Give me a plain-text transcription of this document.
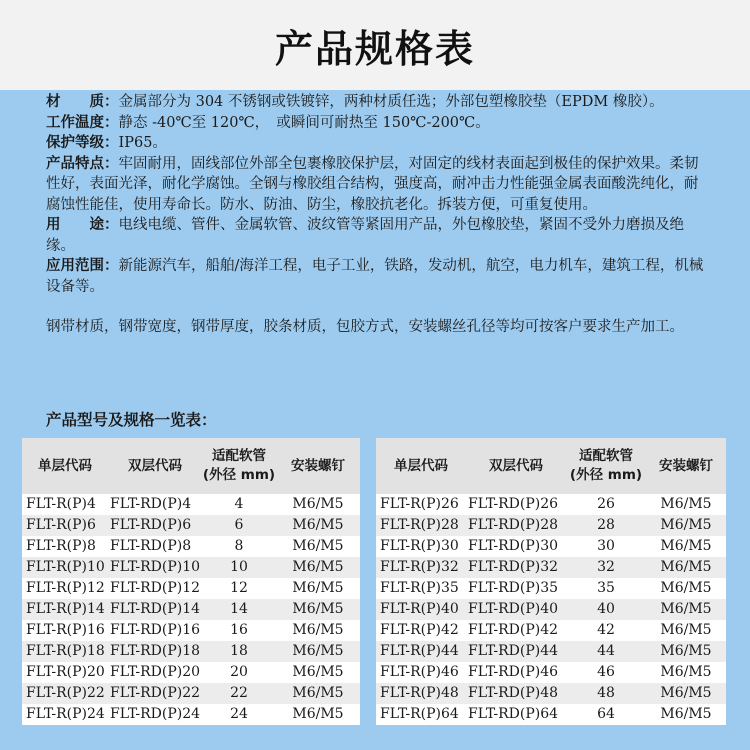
产品规格表

材　　质：金属部分为 304 不锈钢或铁镀锌，两种材质任选；外部包塑橡胶垫（EPDM 橡胶）。

工作温度：静态 -40℃至 120℃，　或瞬间可耐热至 150℃-200℃。

保护等级：IP65。

产品特点：牢固耐用，固线部位外部全包裹橡胶保护层，对固定的线材表面起到极佳的保护效果。柔韧性好，表面光泽，耐化学腐蚀。全钢与橡胶组合结构，强度高，耐冲击力性能强金属表面酸洗纯化，耐腐蚀性能佳，使用寿命长。防水、防油、防尘，橡胶抗老化。拆装方便，可重复使用。

用　　途：电线电缆、管件、金属软管、波纹管等紧固用产品，外包橡胶垫，紧固不受外力磨损及绝缘。

应用范围：新能源汽车，船舶/海洋工程，电子工业，铁路，发动机，航空，电力机车，建筑工程，机械设备等。

钢带材质，钢带宽度，钢带厚度，胶条材质，包胶方式，安装螺丝孔径等均可按客户要求生产加工。

产品型号及规格一览表：
单层代码	双层代码	适配软管
(外径 mm)	安装螺钉
FLT-R(P)4	FLT-RD(P)4	4	M6/M5
FLT-R(P)6	FLT-RD(P)6	6	M6/M5
FLT-R(P)8	FLT-RD(P)8	8	M6/M5
FLT-R(P)10	FLT-RD(P)10	10	M6/M5
FLT-R(P)12	FLT-RD(P)12	12	M6/M5
FLT-R(P)14	FLT-RD(P)14	14	M6/M5
FLT-R(P)16	FLT-RD(P)16	16	M6/M5
FLT-R(P)18	FLT-RD(P)18	18	M6/M5
FLT-R(P)20	FLT-RD(P)20	20	M6/M5
FLT-R(P)22	FLT-RD(P)22	22	M6/M5
FLT-R(P)24	FLT-RD(P)24	24	M6/M5
单层代码	双层代码	适配软管
(外径 mm)	安装螺钉
FLT-R(P)26	FLT-RD(P)26	26	M6/M5
FLT-R(P)28	FLT-RD(P)28	28	M6/M5
FLT-R(P)30	FLT-RD(P)30	30	M6/M5
FLT-R(P)32	FLT-RD(P)32	32	M6/M5
FLT-R(P)35	FLT-RD(P)35	35	M6/M5
FLT-R(P)40	FLT-RD(P)40	40	M6/M5
FLT-R(P)42	FLT-RD(P)42	42	M6/M5
FLT-R(P)44	FLT-RD(P)44	44	M6/M5
FLT-R(P)46	FLT-RD(P)46	46	M6/M5
FLT-R(P)48	FLT-RD(P)48	48	M6/M5
FLT-R(P)64	FLT-RD(P)64	64	M6/M5
